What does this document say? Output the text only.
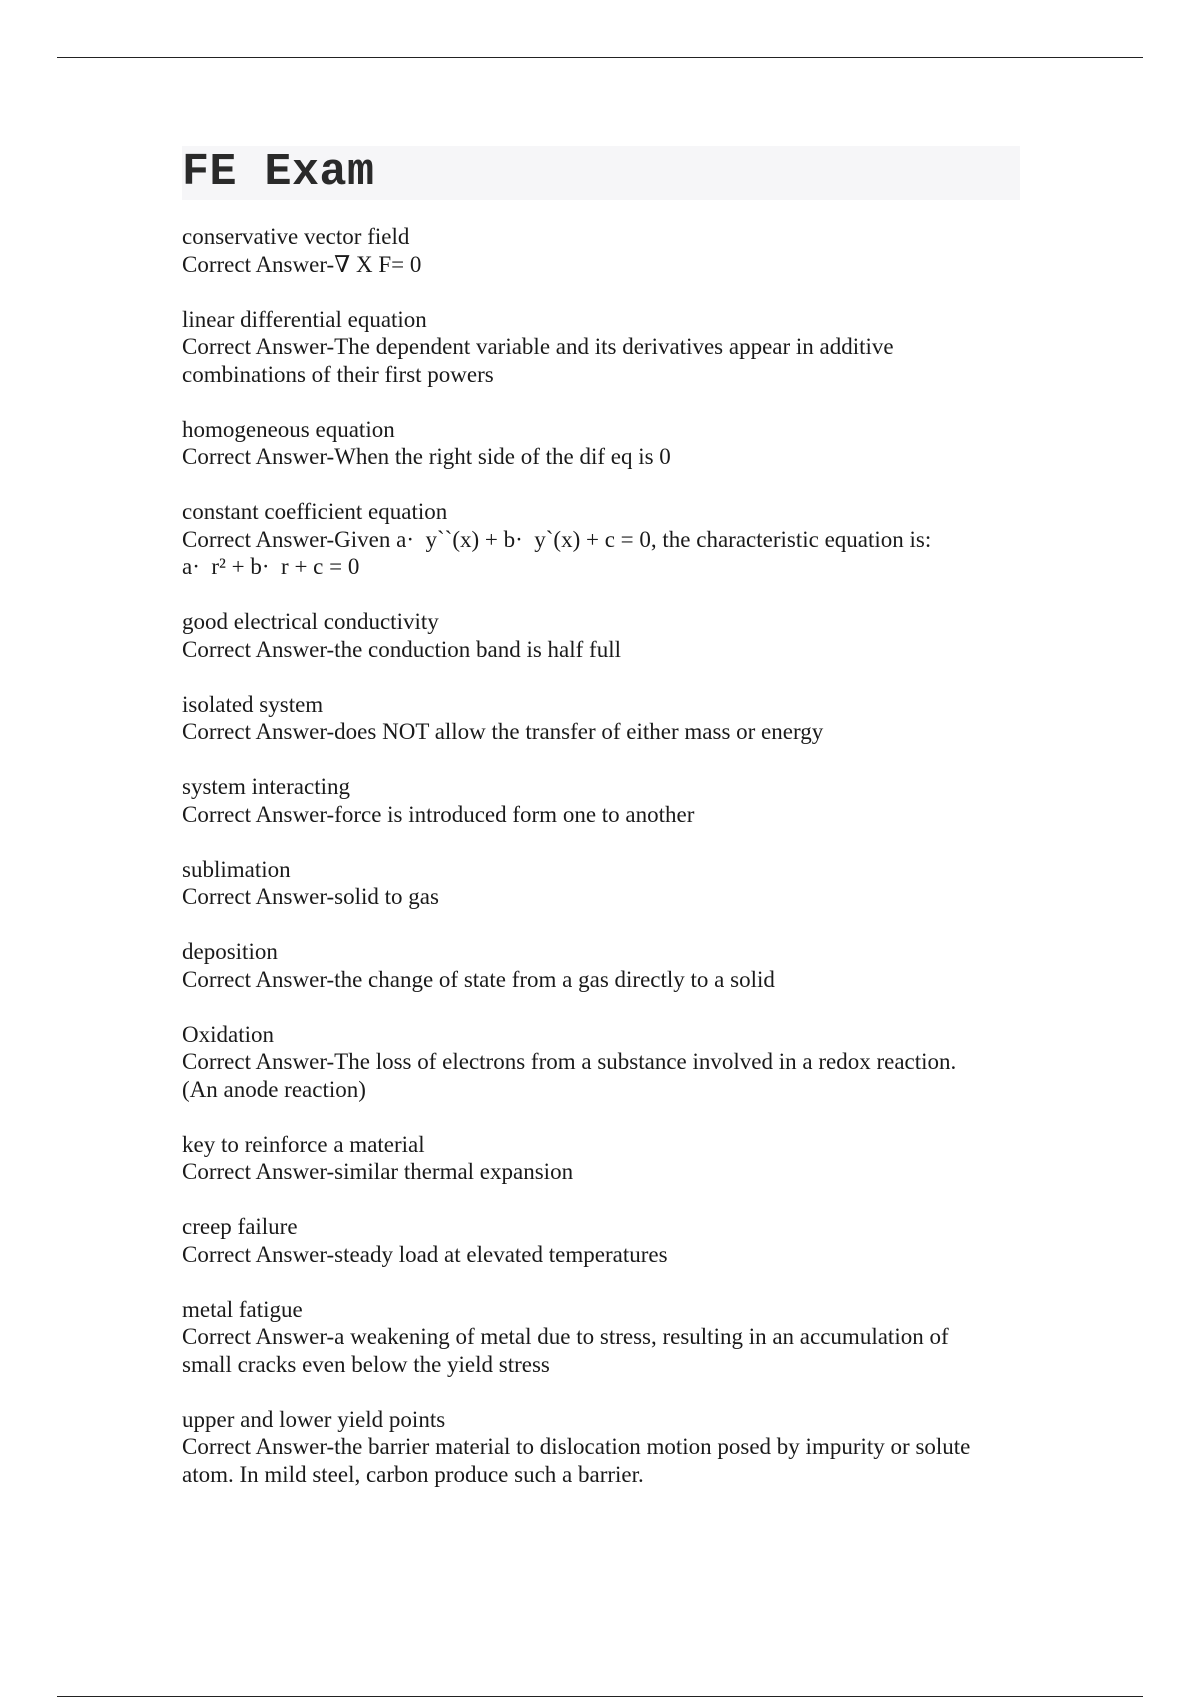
FE Exam

conservative vector field

Correct Answer-∇ X F= 0

linear differential equation

Correct Answer-The dependent variable and its derivatives appear in additive
combinations of their first powers

homogeneous equation

Correct Answer-When the right side of the dif eq is 0

constant coefficient equation

Correct Answer-Given a·  y``(x) + b·  y`(x) + c = 0, the characteristic equation is:
a·  r² + b·  r + c = 0

good electrical conductivity

Correct Answer-the conduction band is half full

isolated system

Correct Answer-does NOT allow the transfer of either mass or energy

system interacting

Correct Answer-force is introduced form one to another

sublimation

Correct Answer-solid to gas

deposition

Correct Answer-the change of state from a gas directly to a solid

Oxidation

Correct Answer-The loss of electrons from a substance involved in a redox reaction.
(An anode reaction)

key to reinforce a material

Correct Answer-similar thermal expansion

creep failure

Correct Answer-steady load at elevated temperatures

metal fatigue

Correct Answer-a weakening of metal due to stress, resulting in an accumulation of
small cracks even below the yield stress

upper and lower yield points

Correct Answer-the barrier material to dislocation motion posed by impurity or solute
atom. In mild steel, carbon produce such a barrier.
